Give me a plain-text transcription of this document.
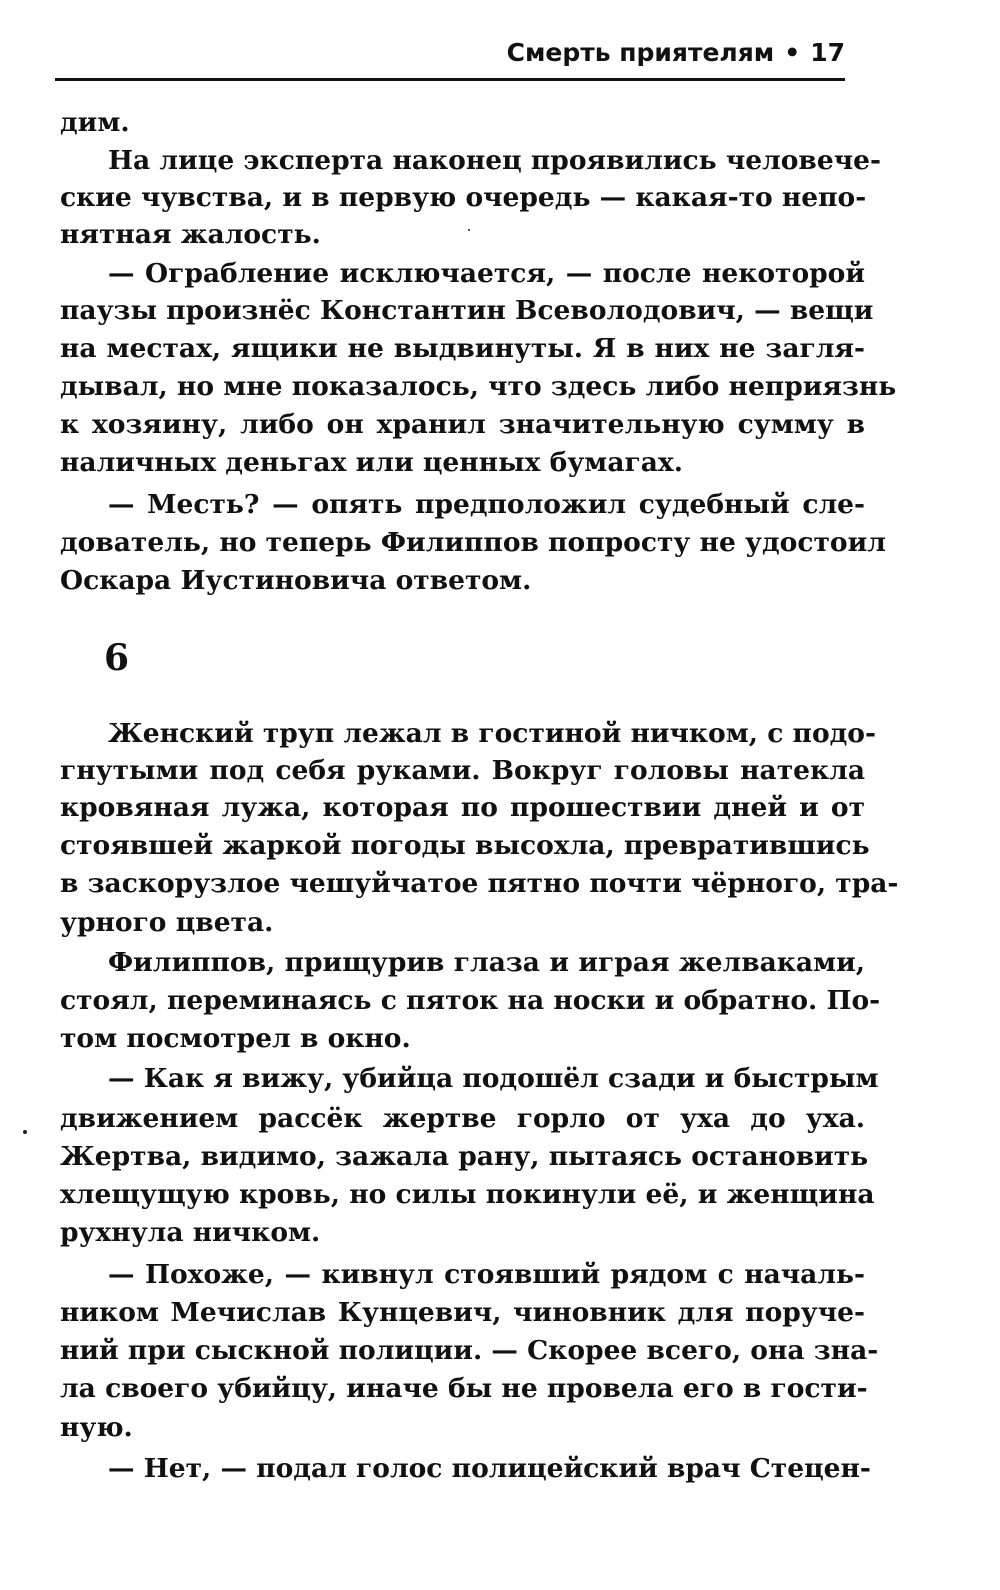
Смерть приятелям • 17
дим.
На лице эксперта наконец проявились человече-
ские чувства, и в первую очередь — какая-то непо-
нятная жалость.
— Ограбление исключается, — после некоторой
паузы произнёс Константин Всеволодович, — вещи
на местах, ящики не выдвинуты. Я в них не загля-
дывал, но мне показалось, что здесь либо неприязнь
к хозяину, либо он хранил значительную сумму в
наличных деньгах или ценных бумагах.
— Месть? — опять предположил судебный сле-
дователь, но теперь Филиппов попросту не удостоил
Оскара Иустиновича ответом.
6
Женский труп лежал в гостиной ничком, с подо-
гнутыми под себя руками. Вокруг головы натекла
кровяная лужа, которая по прошествии дней и от
стоявшей жаркой погоды высохла, превратившись
в заскорузлое чешуйчатое пятно почти чёрного, тра-
урного цвета.
Филиппов, прищурив глаза и играя желваками,
стоял, переминаясь с пяток на носки и обратно. По-
том посмотрел в окно.
— Как я вижу, убийца подошёл сзади и быстрым
движением рассёк жертве горло от уха до уха.
Жертва, видимо, зажала рану, пытаясь остановить
хлещущую кровь, но силы покинули её, и женщина
рухнула ничком.
— Похоже, — кивнул стоявший рядом с началь-
ником Мечислав Кунцевич, чиновник для поруче-
ний при сыскной полиции. — Скорее всего, она зна-
ла своего убийцу, иначе бы не провела его в гости-
ную.
— Нет, — подал голос полицейский врач Стецен-
